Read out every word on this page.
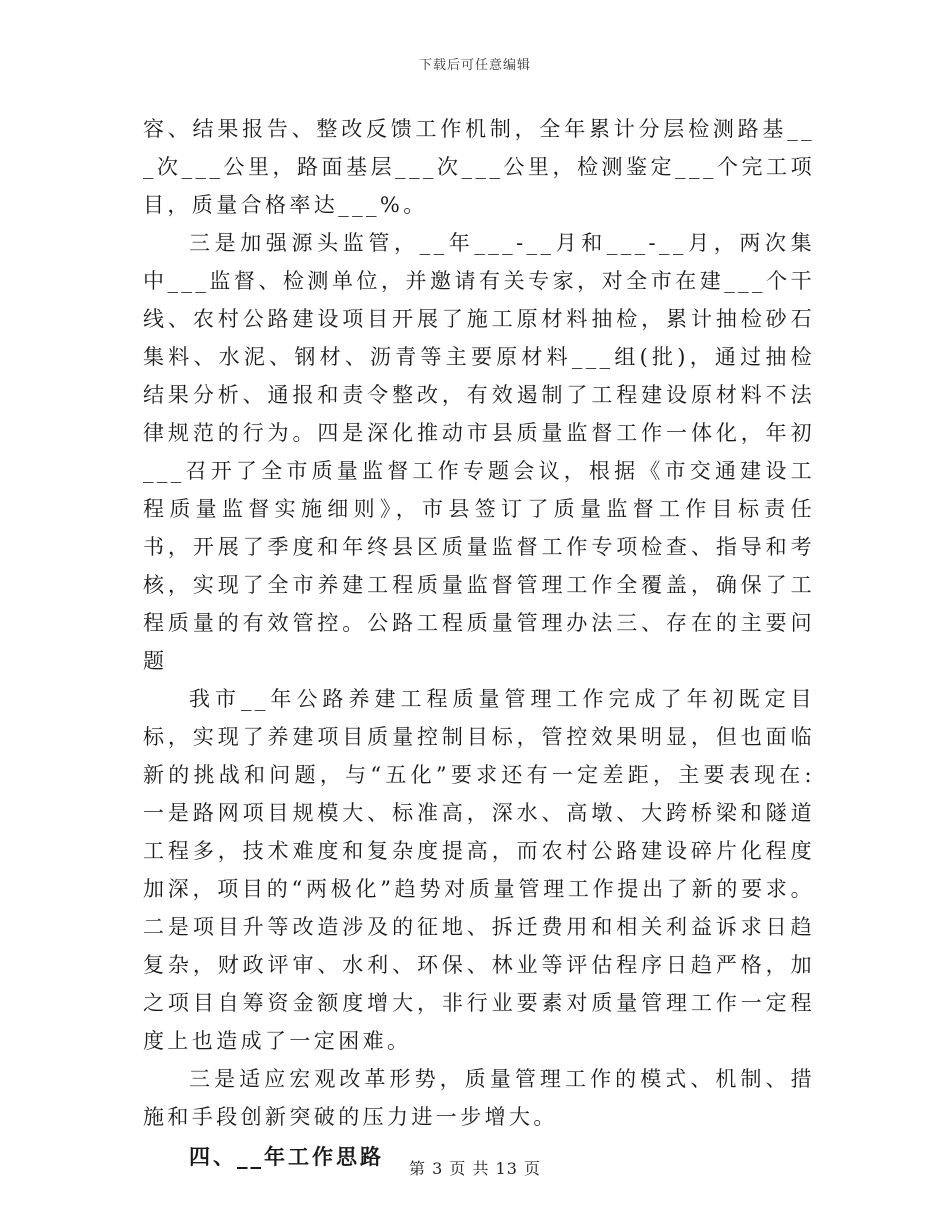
下载后可任意编辑

容、结果报告、整改反馈工作机制，全年累计分层检测路基___次___公里，路面基层___次___公里，检测鉴定___个完工项目，质量合格率达___%。

三是加强源头监管，__年___-__月和___-__月，两次集中___监督、检测单位，并邀请有关专家，对全市在建___个干线、农村公路建设项目开展了施工原材料抽检，累计抽检砂石集料、水泥、钢材、沥青等主要原材料___组(批)，通过抽检结果分析、通报和责令整改，有效遏制了工程建设原材料不法律规范的行为。四是深化推动市县质量监督工作一体化，年初___召开了全市质量监督工作专题会议，根据《市交通建设工程质量监督实施细则》，市县签订了质量监督工作目标责任书，开展了季度和年终县区质量监督工作专项检查、指导和考核，实现了全市养建工程质量监督管理工作全覆盖，确保了工程质量的有效管控。公路工程质量管理办法三、存在的主要问题

我市__年公路养建工程质量管理工作完成了年初既定目标，实现了养建项目质量控制目标，管控效果明显，但也面临新的挑战和问题，与“五化”要求还有一定差距，主要表现在:一是路网项目规模大、标准高，深水、高墩、大跨桥梁和隧道工程多，技术难度和复杂度提高，而农村公路建设碎片化程度加深，项目的“两极化”趋势对质量管理工作提出了新的要求。二是项目升等改造涉及的征地、拆迁费用和相关利益诉求日趋复杂，财政评审、水利、环保、林业等评估程序日趋严格，加之项目自筹资金额度增大，非行业要素对质量管理工作一定程度上也造成了一定困难。

三是适应宏观改革形势，质量管理工作的模式、机制、措施和手段创新突破的压力进一步增大。

四、__年工作思路	第 3 页 共 13 页
